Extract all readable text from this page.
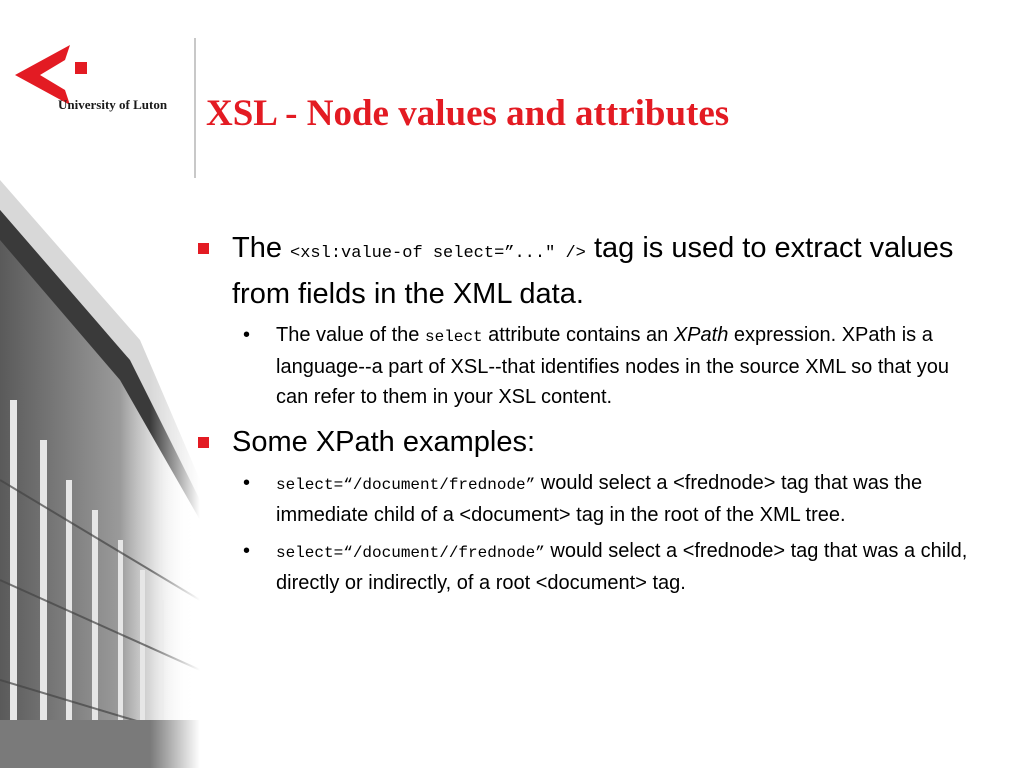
University of Luton XSL - Node values and attributes
The <xsl:value-of select=”..." /> tag is used to extract values from fields in the XML data.
• The value of the select attribute contains an XPath expression. XPath is a language--a part of XSL--that identifies nodes in the source XML so that you can refer to them in your XSL content.
Some XPath examples:
• select=“/document/frednode” would select a <frednode> tag that was the immediate child of a <document> tag in the root of the XML tree.
• select=“/document//frednode” would select a <frednode> tag that was a child, directly or indirectly, of a root <document> tag.
